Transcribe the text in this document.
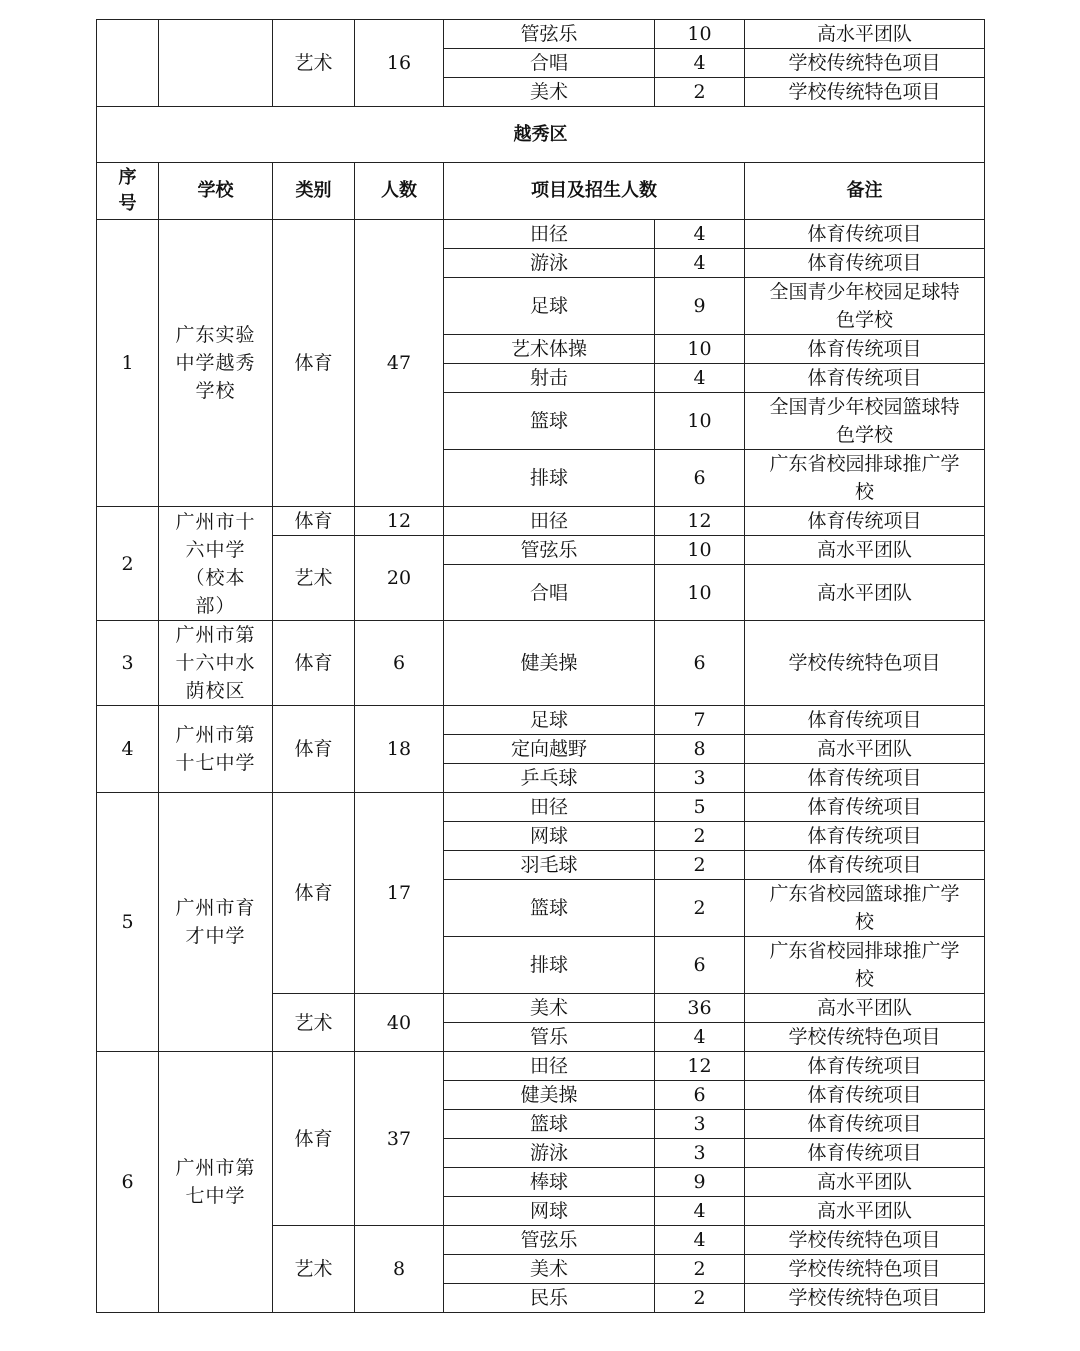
		艺术	16	管弦乐	10	高水平团队
				合唱	4	学校传统特色项目
				美术	2	学校传统特色项目
越秀区						
序号	学校	类别	人数	项目及招生人数		备注
1	广东实验中学越秀学校	体育	47	田径	4	体育传统项目
				游泳	4	体育传统项目
				足球	9	全国青少年校园足球特色学校
				艺术体操	10	体育传统项目
				射击	4	体育传统项目
				篮球	10	全国青少年校园篮球特色学校
				排球	6	广东省校园排球推广学校
2	广州市十六中学（校本部）	体育	12	田径	12	体育传统项目
		艺术	20	管弦乐	10	高水平团队
				合唱	10	高水平团队
3	广州市第十六中水荫校区	体育	6	健美操	6	学校传统特色项目
4	广州市第十七中学	体育	18	足球	7	体育传统项目
				定向越野	8	高水平团队
				乒乓球	3	体育传统项目
5	广州市育才中学	体育	17	田径	5	体育传统项目
				网球	2	体育传统项目
				羽毛球	2	体育传统项目
				篮球	2	广东省校园篮球推广学校
				排球	6	广东省校园排球推广学校
		艺术	40	美术	36	高水平团队
				管乐	4	学校传统特色项目
6	广州市第七中学	体育	37	田径	12	体育传统项目
				健美操	6	体育传统项目
				篮球	3	体育传统项目
				游泳	3	体育传统项目
				棒球	9	高水平团队
				网球	4	高水平团队
		艺术	8	管弦乐	4	学校传统特色项目
				美术	2	学校传统特色项目
				民乐	2	学校传统特色项目
